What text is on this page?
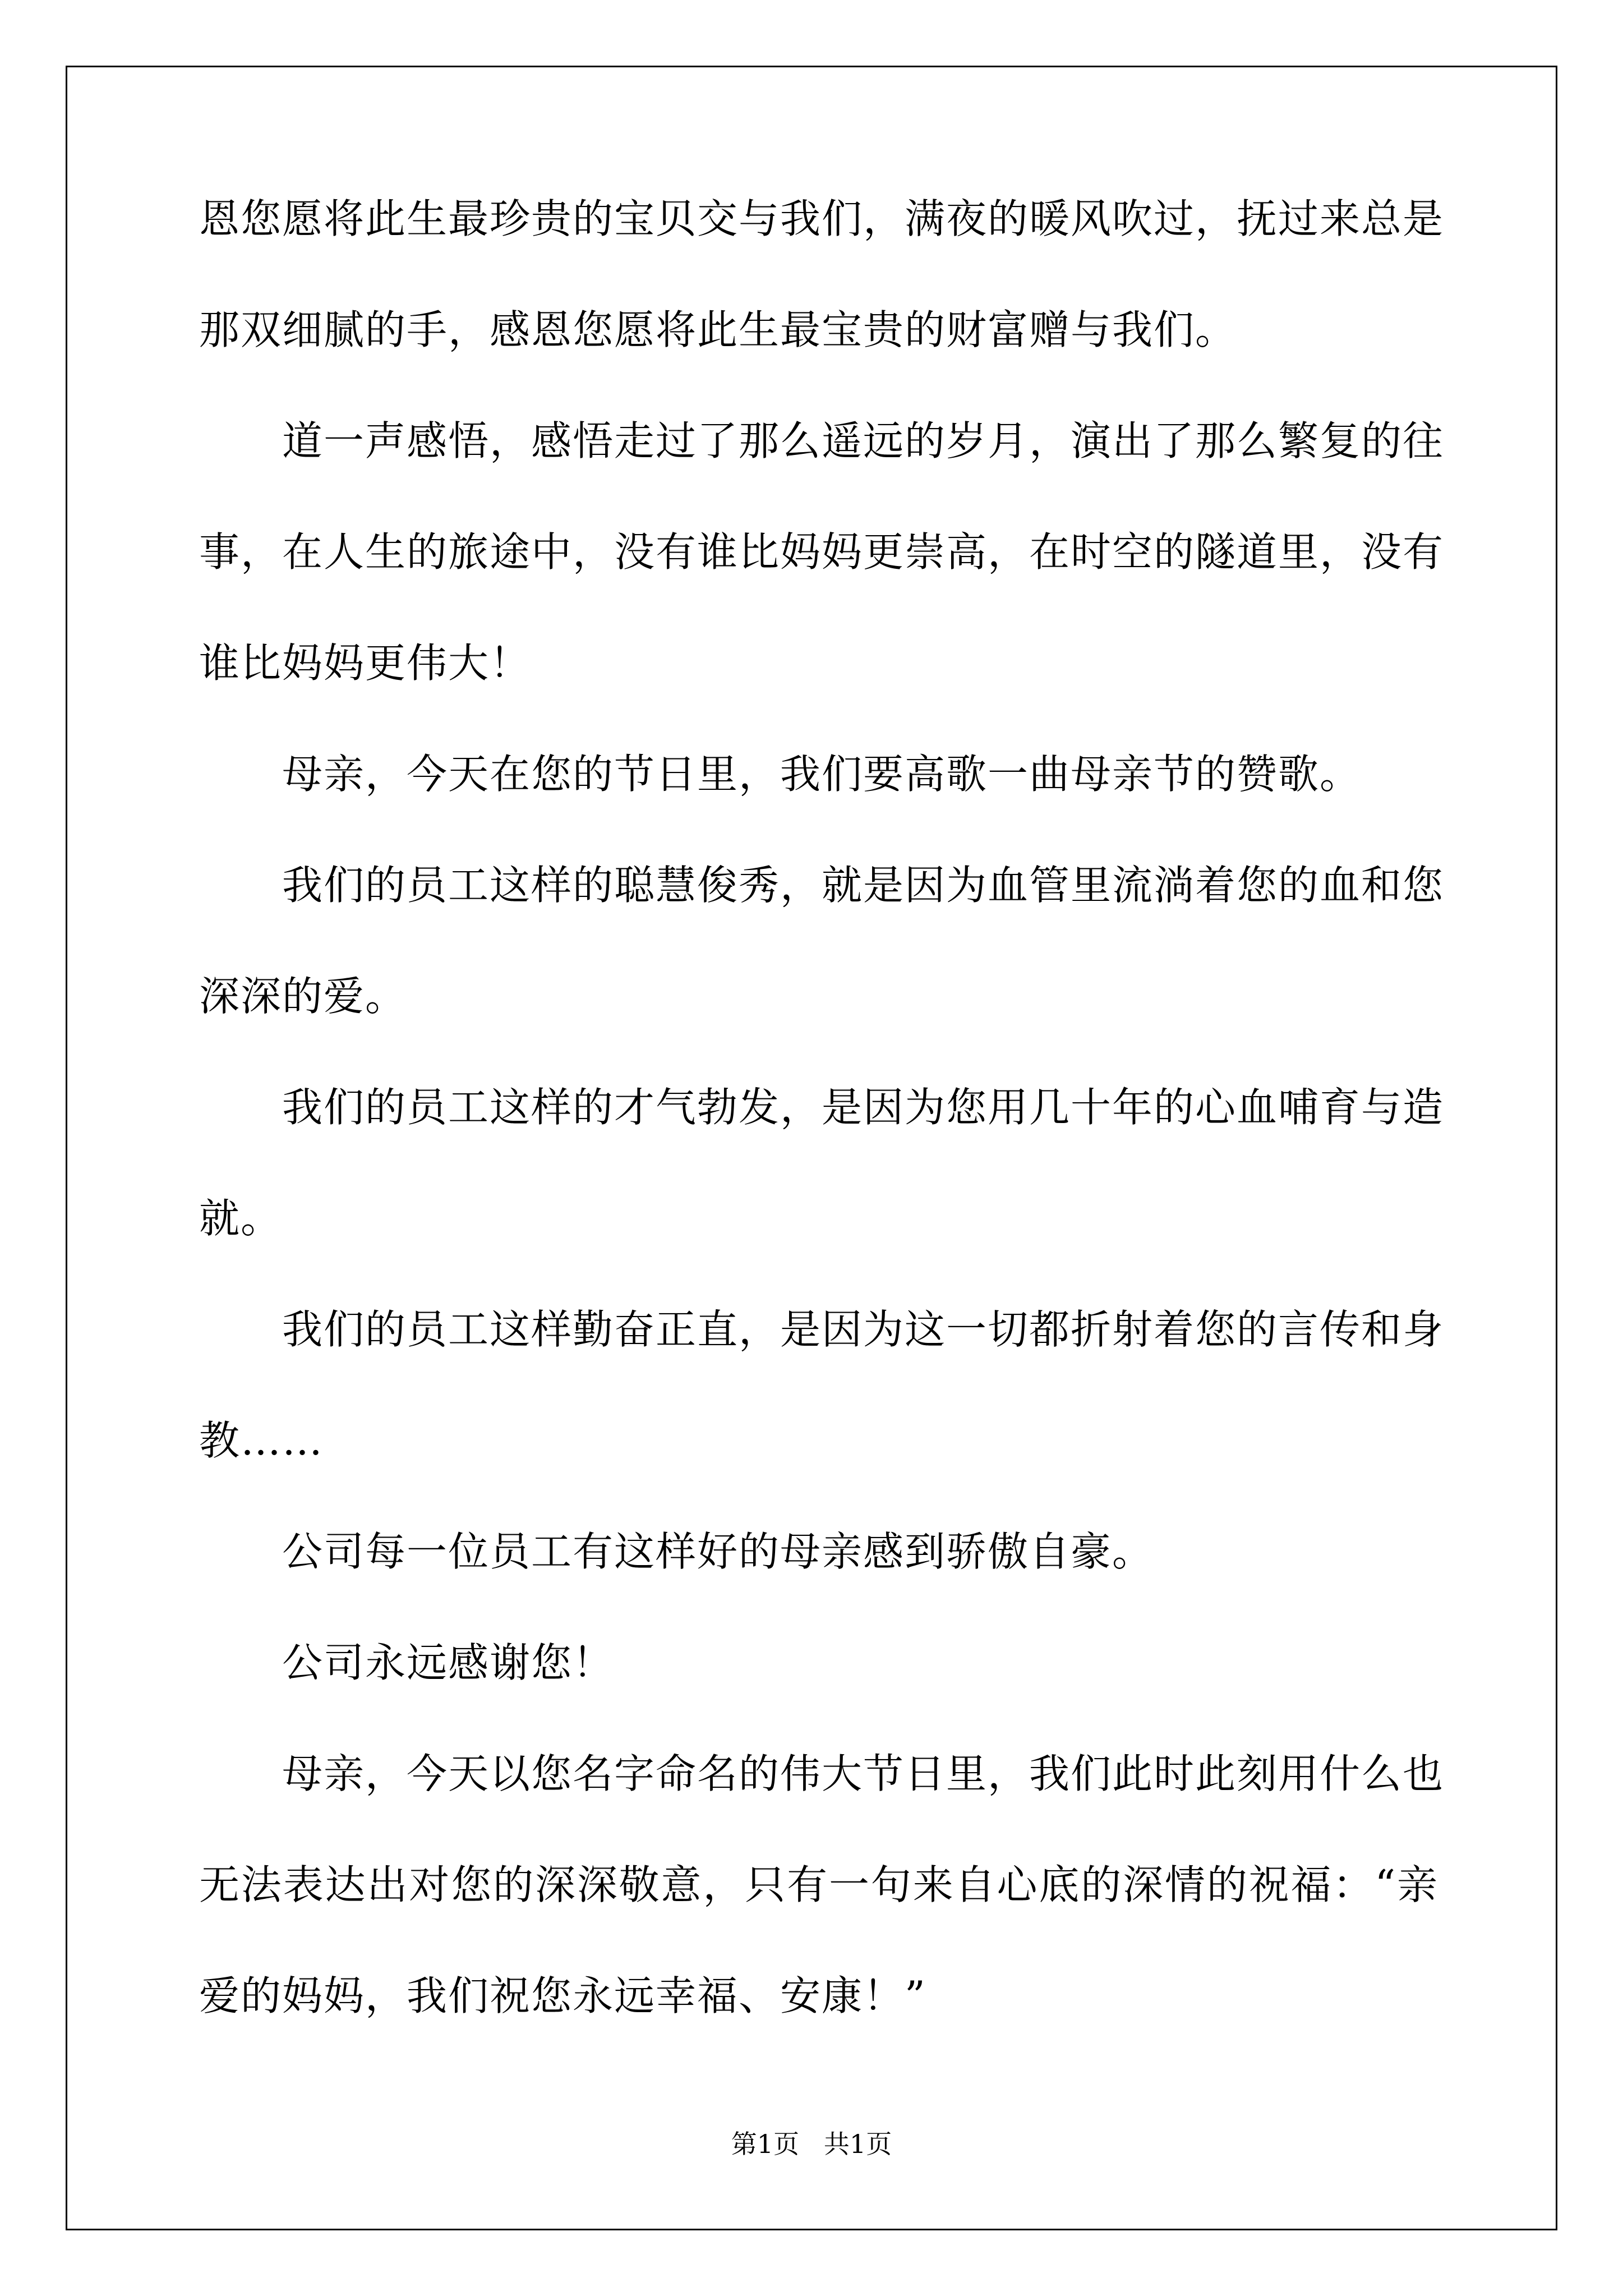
恩您愿将此生最珍贵的宝贝交与我们，满夜的暖风吹过，抚过来总是
那双细腻的手，感恩您愿将此生最宝贵的财富赠与我们。
道一声感悟，感悟走过了那么遥远的岁月，演出了那么繁复的往
事，在人生的旅途中，没有谁比妈妈更崇高，在时空的隧道里，没有
谁比妈妈更伟大！
母亲，今天在您的节日里，我们要高歌一曲母亲节的赞歌。
我们的员工这样的聪慧俊秀，就是因为血管里流淌着您的血和您
深深的爱。
我们的员工这样的才气勃发，是因为您用几十年的心血哺育与造
就。
我们的员工这样勤奋正直，是因为这一切都折射着您的言传和身
教……
公司每一位员工有这样好的母亲感到骄傲自豪。
公司永远感谢您！
母亲，今天以您名字命名的伟大节日里，我们此时此刻用什么也
无法表达出对您的深深敬意，只有一句来自心底的深情的祝福：“亲
爱的妈妈，我们祝您永远幸福、安康！”
第1页   共1页
